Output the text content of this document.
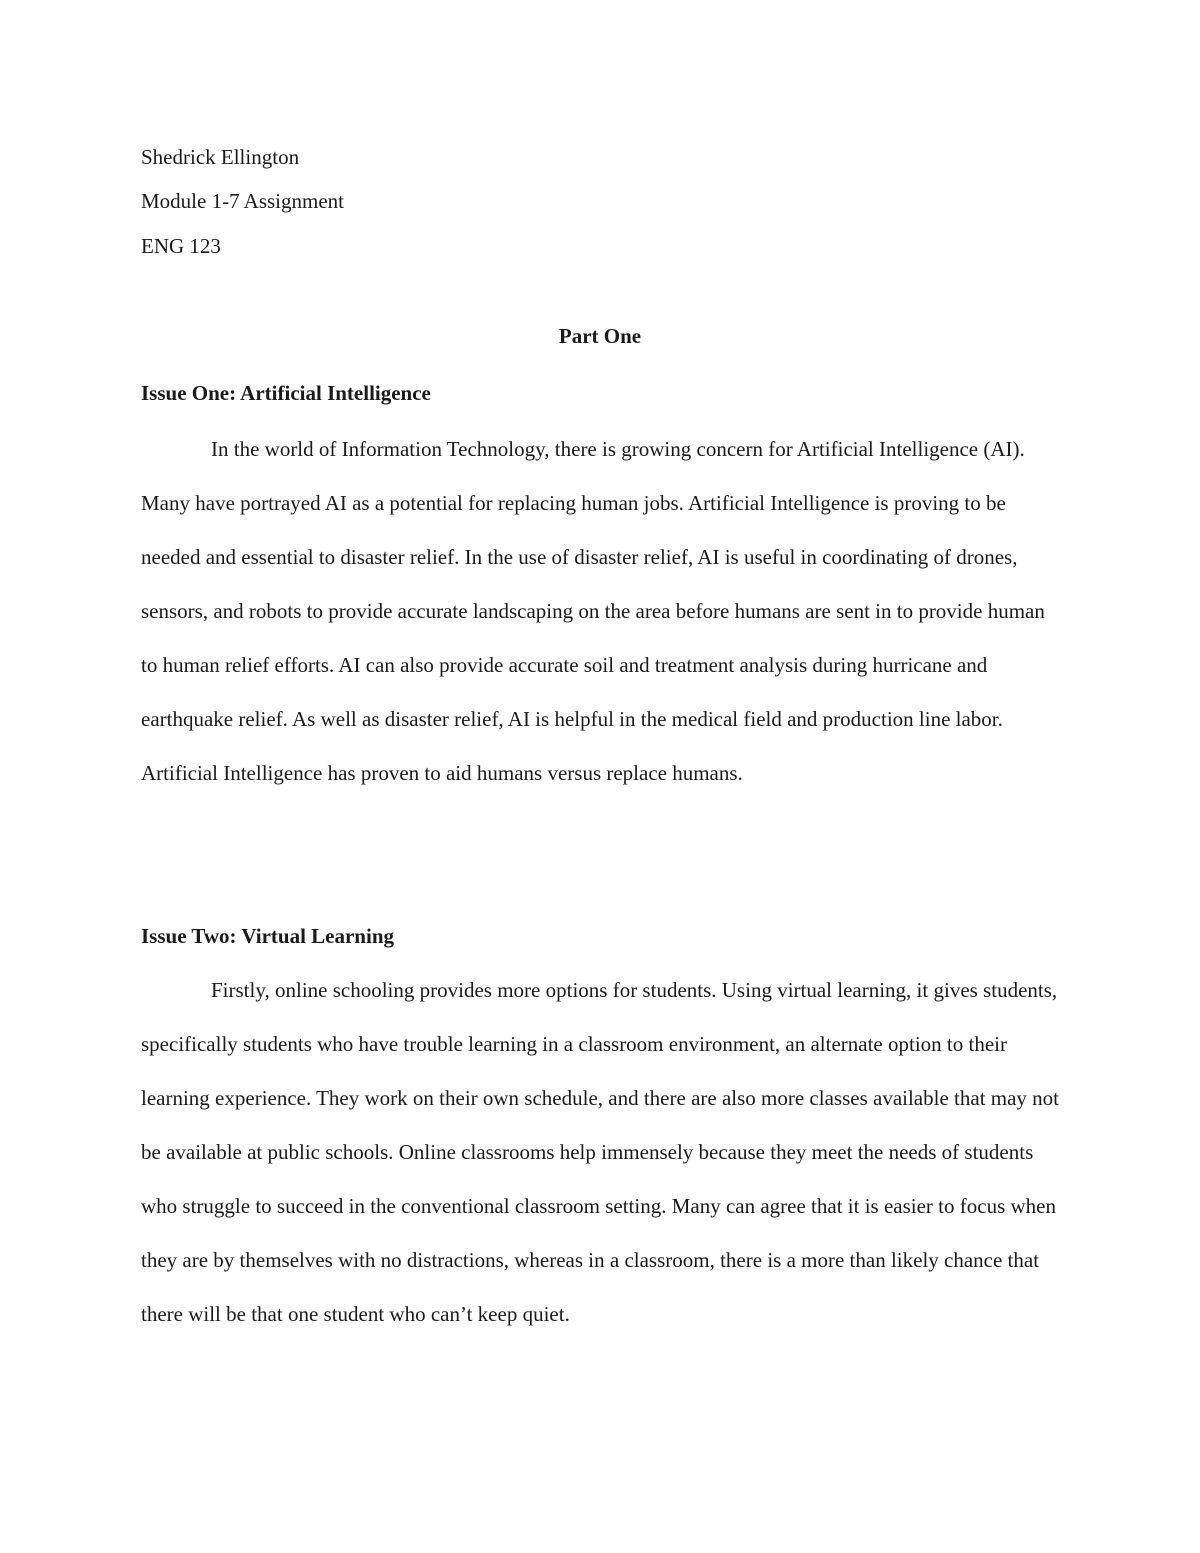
Shedrick Ellington
Module 1-7 Assignment
ENG 123
Part One
Issue One: Artificial Intelligence

In the world of Information Technology, there is growing concern for Artificial Intelligence (AI). Many have portrayed AI as a potential for replacing human jobs. Artificial Intelligence is proving to be needed and essential to disaster relief. In the use of disaster relief, AI is useful in coordinating of drones, sensors, and robots to provide accurate landscaping on the area before humans are sent in to provide human to human relief efforts. AI can also provide accurate soil and treatment analysis during hurricane and earthquake relief. As well as disaster relief, AI is helpful in the medical field and production line labor. Artificial Intelligence has proven to aid humans versus replace humans.

Issue Two: Virtual Learning

Firstly, online schooling provides more options for students. Using virtual learning, it gives students, specifically students who have trouble learning in a classroom environment, an alternate option to their learning experience. They work on their own schedule, and there are also more classes available that may not be available at public schools. Online classrooms help immensely because they meet the needs of students who struggle to succeed in the conventional classroom setting. Many can agree that it is easier to focus when they are by themselves with no distractions, whereas in a classroom, there is a more than likely chance that there will be that one student who can’t keep quiet.
